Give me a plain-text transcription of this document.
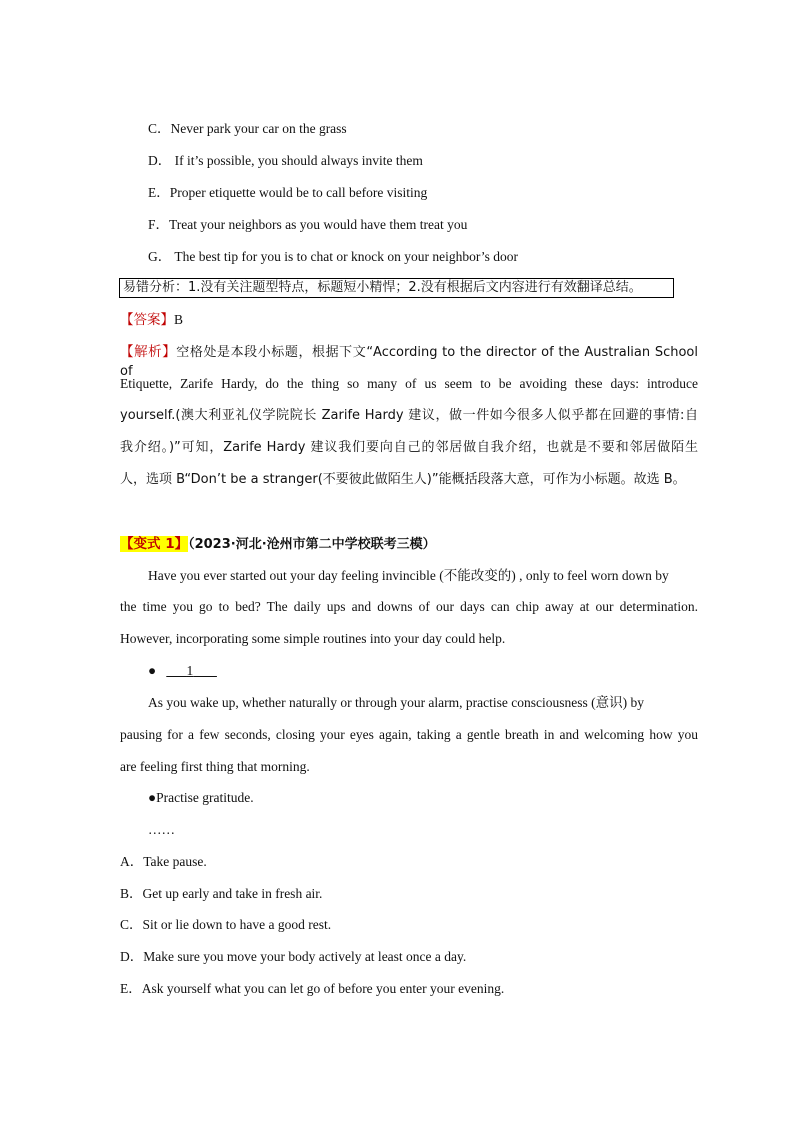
C．Never park your car on the grass
D． If it’s possible, you should always invite them
E．Proper etiquette would be to call before visiting
F．Treat your neighbors as you would have them treat you
G． The best tip for you is to chat or knock on your neighbor’s door
易错分析：1.没有关注题型特点，标题短小精悍；2.没有根据后文内容进行有效翻译总结。
【答案】B
【解析】空格处是本段小标题，根据下文“According to the director of the Australian School of
Etiquette, Zarife Hardy, do the thing so many of us seem to be avoiding these days: introduce
yourself.(澳大利亚礼仪学院院长 Zarife Hardy 建议，做一件如今很多人似乎都在回避的事情:自
我介绍。)”可知，Zarife Hardy 建议我们要向自己的邻居做自我介绍，也就是不要和邻居做陌生
人，选项 B“Don’t be a stranger(不要彼此做陌生人)”能概括段落大意，可作为小标题。故选 B。
【变式 1】（2023·河北·沧州市第二中学校联考三模）
Have you ever started out your day feeling invincible (不能改变的) , only to feel worn down by
the time you go to bed? The daily ups and downs of our days can chip away at our determination.
However, incorporating some simple routines into your day could help.
● 1
As you wake up, whether naturally or through your alarm, practise consciousness (意识) by
pausing for a few seconds, closing your eyes again, taking a gentle breath in and welcoming how you
are feeling first thing that morning.
●Practise gratitude.
……
A．Take pause.
B．Get up early and take in fresh air.
C．Sit or lie down to have a good rest.
D．Make sure you move your body actively at least once a day.
E．Ask yourself what you can let go of before you enter your evening.
